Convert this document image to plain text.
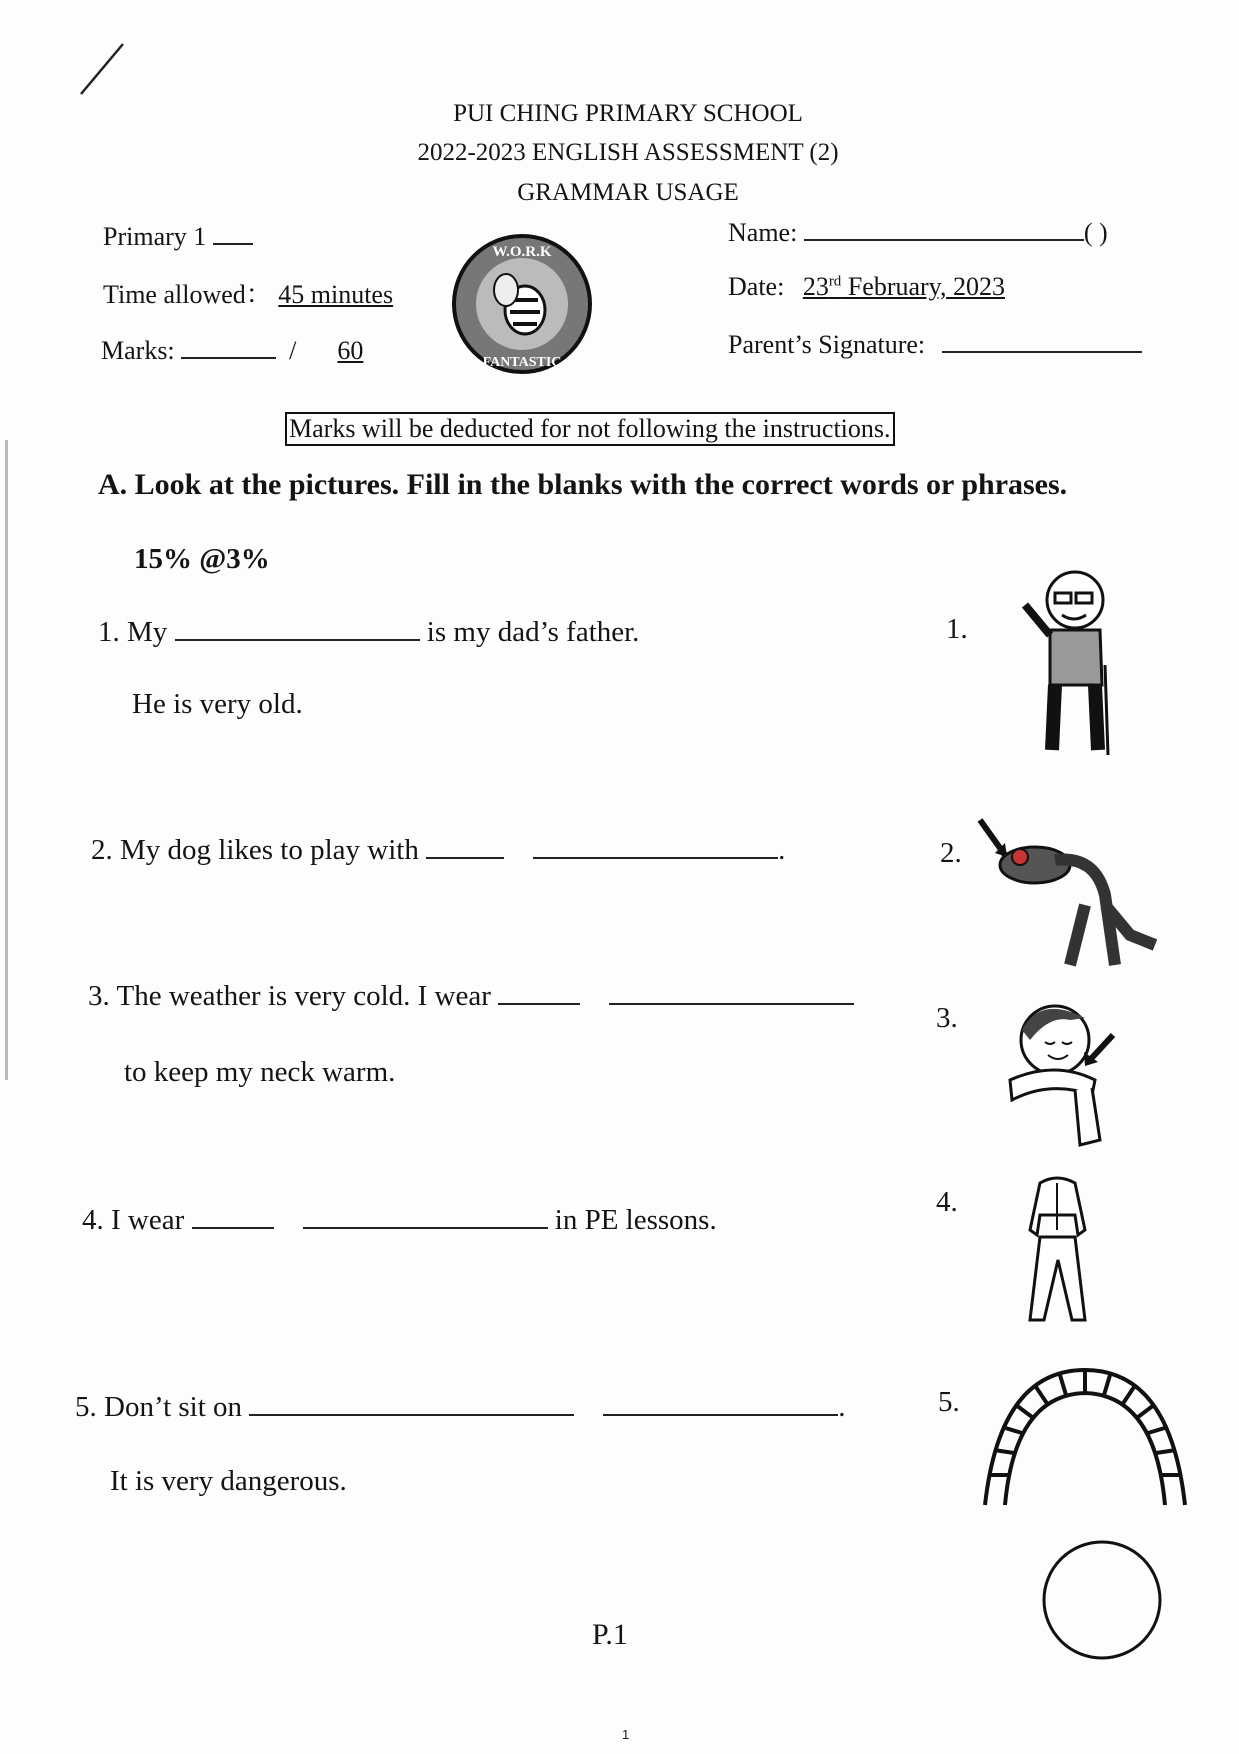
PUI CHING PRIMARY SCHOOL
2022-2023 ENGLISH ASSESSMENT (2)
GRAMMAR USAGE
Primary 1
Time allowed： 45 minutes
Marks:	/ 60
W.O.R.K
FANTASTIC
Name:	( )
Date: 23rd February, 2023
Parent’s Signature:
Marks will be deducted for not following the instructions.
A. Look at the pictures. Fill in the blanks with the correct words or phrases.
15% @3%
1. My	is my dad’s father.
He is very old.
2. My dog likes to play with	.
3. The weather is very cold. I wear
to keep my neck warm.
4. I wear	in PE lessons.
5. Don’t sit on	.
It is very dangerous.
1.
2.
3.
4.
5.
P.1
1
